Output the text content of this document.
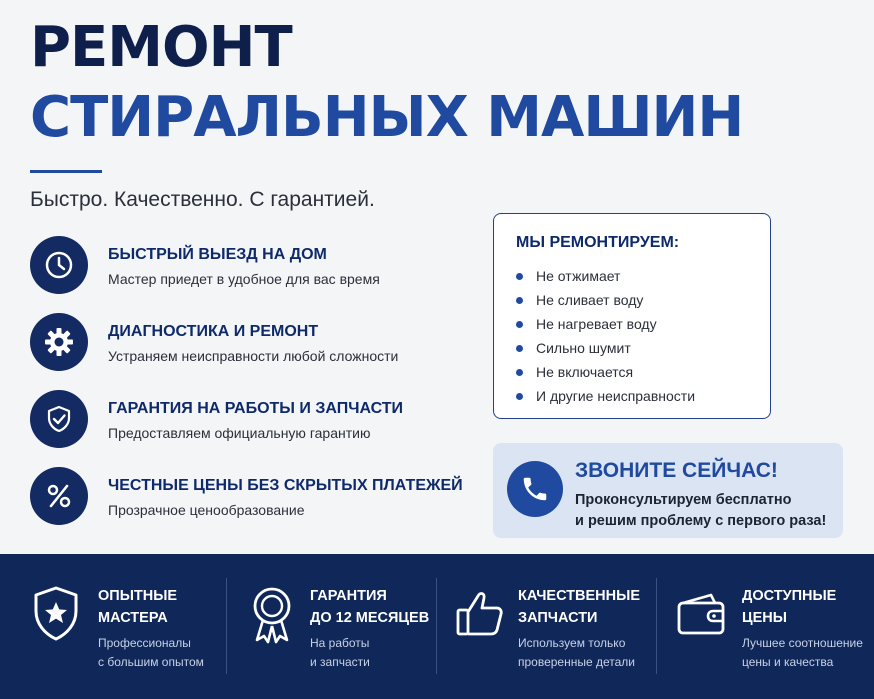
РЕМОНТ
СТИРАЛЬНЫХ МАШИН
Быстро. Качественно. С гарантией.
БЫСТРЫЙ ВЫЕЗД НА ДОМ
Мастер приедет в удобное для вас время
ДИАГНОСТИКА И РЕМОНТ
Устраняем неисправности любой сложности
ГАРАНТИЯ НА РАБОТЫ И ЗАПЧАСТИ
Предоставляем официальную гарантию
ЧЕСТНЫЕ ЦЕНЫ БЕЗ СКРЫТЫХ ПЛАТЕЖЕЙ
Прозрачное ценообразование
МЫ РЕМОНТИРУЕМ:
Не отжимает
Не сливает воду
Не нагревает воду
Сильно шумит
Не включается
И другие неисправности
ЗВОНИТЕ СЕЙЧАС!
Проконсультируем бесплатно
и решим проблему с первого раза!
ОПЫТНЫЕ
МАСТЕРА
Профессионалы
с большим опытом
ГАРАНТИЯ
ДО 12 МЕСЯЦЕВ
На работы
и запчасти
КАЧЕСТВЕННЫЕ
ЗАПЧАСТИ
Используем только
проверенные детали
ДОСТУПНЫЕ
ЦЕНЫ
Лучшее соотношение
цены и качества
